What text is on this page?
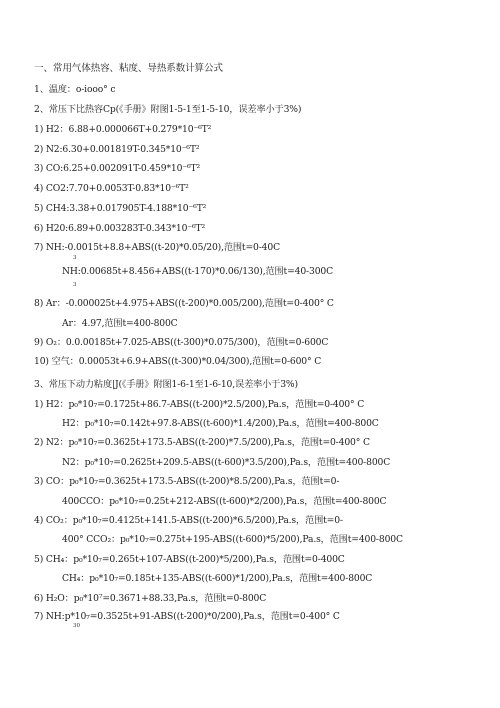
一、常用气体热容、粘度、导热系数计算公式
1、温度：o-iooo° c
2、常压下比热容Cp(《手册》附图1-5-1至1-5-10，误差率小于3%)
1) H2：6.88+0.000066T+0.279*10⁻⁶T²
2) N2:6.30+0.001819T-0.345*10⁻⁶T²
3) CO:6.25+0.002091T-0.459*10⁻⁶T²
4) CO2:7.70+0.0053T-0.83*10⁻⁶T²
5) CH4:3.38+0.017905T-4.188*10⁻⁶T²
6) H20:6.89+0.003283T-0.343*10⁻⁶T²
7) NH:-0.0015t+8.8+ABS((t-20)*0.05/20),范围t=0-40C
3
NH:0.00685t+8.456+ABS((t-170)*0.06/130),范围t=40-300C
3
8) Ar：-0.000025t+4.975+ABS((t-200)*0.005/200),范围t=0-400° C
Ar：4.97,范围t=400-800C
9) O₂：0.0.00185t+7.025-ABS((t-300)*0.075/300)，范围t=0-600C
10) 空气：0.00053t+6.9+ABS((t-300)*0.04/300),范围t=0-600° C
3、常压下动力粘度|J(《手册》附图1-6-1至1-6-10,误差率小于3%)
1) H2：p₀*10₇=0.1725t+86.7-ABS((t-200)*2.5/200),Pa.s，范围t=0-400° C
H2：p₀*10₇=0.142t+97.8-ABS((t-600)*1.4/200),Pa.s，范围t=400-800C
2) N2：p₀*10₇=0.3625t+173.5-ABS((t-200)*7.5/200),Pa.s，范围t=0-400° C
N2：p₀*10₇=0.2625t+209.5-ABS((t-600)*3.5/200),Pa.s，范围t=400-800C
3) CO：p₀*10₇=0.3625t+173.5-ABS((t-200)*8.5/200),Pa.s，范围t=0-
400CCO：p₀*10₇=0.25t+212-ABS((t-600)*2/200),Pa.s，范围t=400-800C
4) CO₂：p₀*10₇=0.4125t+141.5-ABS((t-200)*6.5/200),Pa.s，范围t=0-
400° CCO₂：p₀*10₇=0.275t+195-ABS((t-600)*5/200),Pa.s，范围t=400-800C
5) CH₄：p₀*10₇=0.265t+107-ABS((t-200)*5/200),Pa.s，范围t=0-400C
CH₄：p₀*10₇=0.185t+135-ABS((t-600)*1/200),Pa.s，范围t=400-800C
6) H₂O：p₀*10⁷=0.3671+88.33,Pa.s，范围t=0-800C
7) NH:p*10₇=0.3525t+91-ABS((t-200)*0/200),Pa.s，范围t=0-400° C
30
